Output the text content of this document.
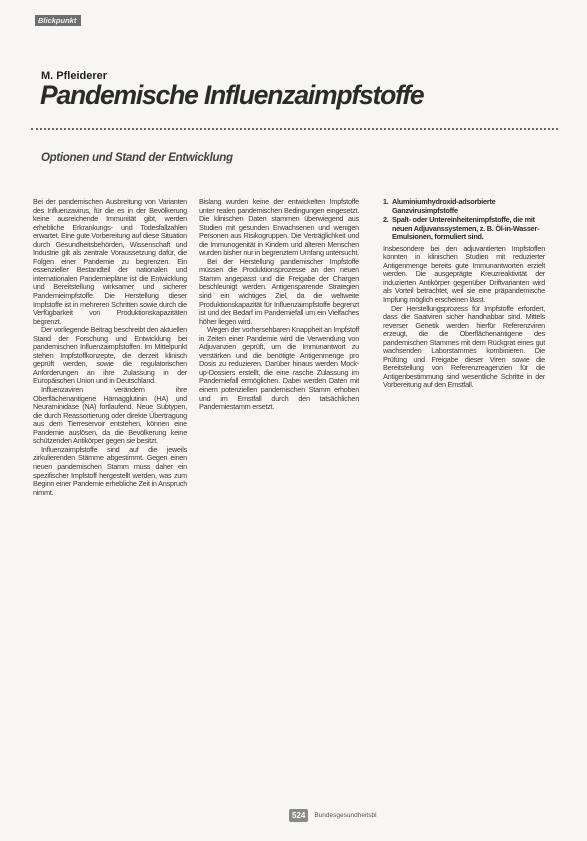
Blickpunkt
M. Pfleiderer
Pandemische Influenzaimpfstoffe
Optionen und Stand der Entwicklung

Bei der pandemischen Ausbreitung von Varianten des Influenzavirus, für die es in der Bevölkerung keine ausreichende Immunität gibt, werden erhebliche Erkrankungs- und Todesfallzahlen erwartet. Eine gute Vorbereitung auf diese Situation durch Gesundheitsbehörden, Wissenschaft und Industrie gilt als zentrale Voraussetzung dafür, die Folgen einer Pandemie zu begrenzen. Ein essenzieller Bestandteil der nationalen und internationalen Pandemiepläne ist die Entwicklung und Bereitstellung wirksamer und sicherer Pandemieimpfstoffe. Die Herstellung dieser Impfstoffe ist in mehreren Schritten sowie durch die Verfügbarkeit von Produktionskapazitäten begrenzt.

Der vorliegende Beitrag beschreibt den aktuellen Stand der Forschung und Entwicklung bei pandemischen Influenzaimpfstoffen. Im Mittelpunkt stehen Impfstoffkonzepte, die derzeit klinisch geprüft werden, sowie die regulatorischen Anforderungen an ihre Zulassung in der Europäischen Union und in Deutschland.

Influenzaviren verändern ihre Oberflächenantigene Hämagglutinin (HA) und Neuraminidase (NA) fortlaufend. Neue Subtypen, die durch Reassortierung oder direkte Übertragung aus dem Tierreservoir entstehen, können eine Pandemie auslösen, da die Bevölkerung keine schützenden Antikörper gegen sie besitzt.

Influenzaimpfstoffe sind auf die jeweils zirkulierenden Stämme abgestimmt. Gegen einen neuen pandemischen Stamm muss daher ein spezifischer Impfstoff hergestellt werden, was zum Beginn einer Pandemie erhebliche Zeit in Anspruch nimmt.

Bislang wurden keine der entwickelten Impfstoffe unter realen pandemischen Bedingungen eingesetzt. Die klinischen Daten stammen überwiegend aus Studien mit gesunden Erwachsenen und wenigen Personen aus Risikogruppen. Die Verträglichkeit und die Immunogenität in Kindern und älteren Menschen wurden bisher nur in begrenztem Umfang untersucht.

Bei der Herstellung pandemischer Impfstoffe müssen die Produktionsprozesse an den neuen Stamm angepasst und die Freigabe der Chargen beschleunigt werden. Antigensparende Strategien sind ein wichtiges Ziel, da die weltweite Produktionskapazität für Influenzaimpfstoffe begrenzt ist und der Bedarf im Pandemiefall um ein Vielfaches höher liegen wird.

Wegen der vorhersehbaren Knappheit an Impfstoff in Zeiten einer Pandemie wird die Verwendung von Adjuvanzien geprüft, um die Immunantwort zu verstärken und die benötigte Antigenmenge pro Dosis zu reduzieren. Darüber hinaus werden Mock-up-Dossiers erstellt, die eine rasche Zulassung im Pandemiefall ermöglichen. Dabei werden Daten mit einem potenziellen pandemischen Stamm erhoben und im Ernstfall durch den tatsächlichen Pandemiestamm ersetzt.

1. Aluminiumhydroxid-adsorbierte Ganzvirusimpfstoffe
2. Spalt- oder Untereinheitenimpfstoffe, die mit neuen Adjuvanssystemen, z. B. Öl-in-Wasser-Emulsionen, formuliert sind.

Insbesondere bei den adjuvantierten Impfstoffen konnten in klinischen Studien mit reduzierter Antigenmenge bereits gute Immunantworten erzielt werden. Die ausgeprägte Kreuzreaktivität der induzierten Antikörper gegenüber Driftvarianten wird als Vorteil betrachtet, weil sie eine präpandemische Impfung möglich erscheinen lässt.

Der Herstellungsprozess für Impfstoffe erfordert, dass die Saatviren sicher handhabbar sind. Mittels reverser Genetik werden hierfür Referenzviren erzeugt, die die Oberflächenantigene des pandemischen Stammes mit dem Rückgrat eines gut wachsenden Laborstammes kombinieren. Die Prüfung und Freigabe dieser Viren sowie die Bereitstellung von Referenzreagenzien für die Antigenbestimmung sind wesentliche Schritte in der Vorbereitung auf den Ernstfall.

524	Bundesgesundheitsbl
